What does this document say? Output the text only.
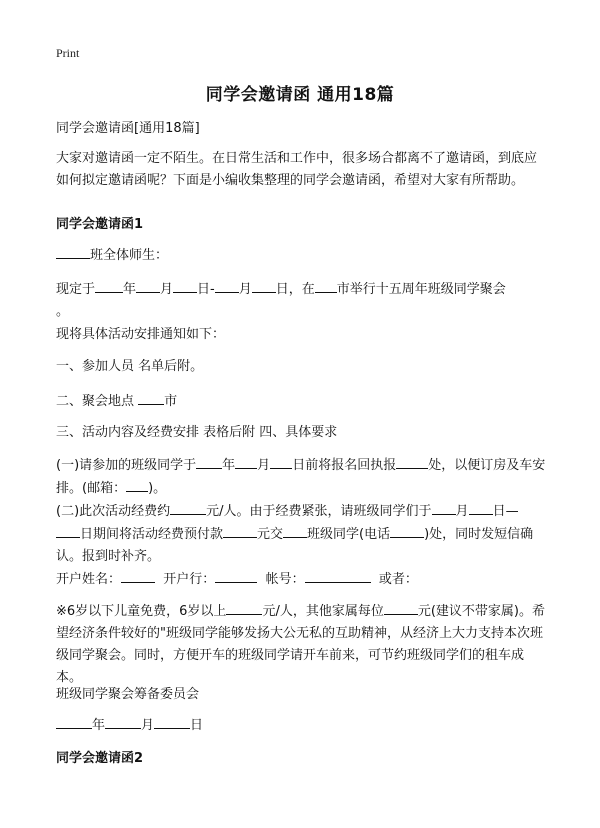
Print
同学会邀请函 通用18篇

同学会邀请函[通用18篇]

大家对邀请函一定不陌生。在日常生活和工作中，很多场合都离不了邀请函，到底应如何拟定邀请函呢？下面是小编收集整理的同学会邀请函，希望对大家有所帮助。

同学会邀请函1

班全体师生：

现定于 年 月 日- 月 日，在 市举行十五周年班级同学聚会
。

现将具体活动安排通知如下：

一、参加人员 名单后附。

二、聚会地点 市

三、活动内容及经费安排 表格后附 四、具体要求

(一)请参加的班级同学于 年 月 日前将报名回执报 处，以便订房及车安排。(邮箱： )。

(二)此次活动经费约	元/人。由于经费紧张，请班级同学们于 月 日—
日期间将活动经费预付款	元交 班级同学(电话	)处，同时发短信确认。报到时补齐。

开户姓名：	开户行：	帐号：	或者：

※6岁以下儿童免费，6岁以上	元/人，其他家属每位	元(建议不带家属)。希望经济条件较好的"班级同学能够发扬大公无私的互助精神，从经济上大力支持本次班级同学聚会。同时，方便开车的班级同学请开车前来，可节约班级同学们的租车成本。

班级同学聚会筹备委员会

年	月	日

同学会邀请函2
